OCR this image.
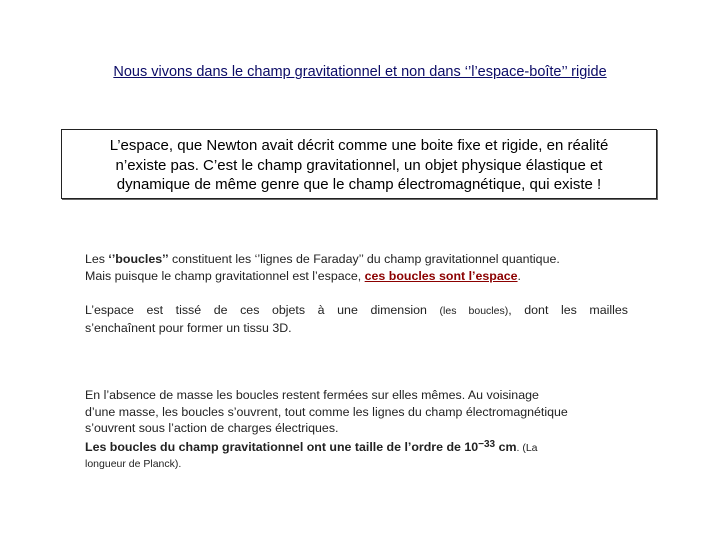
Nous vivons dans le champ gravitationnel et non dans ‘’l’espace-boîte’’ rigide
L’espace, que Newton avait décrit comme une boite fixe et rigide, en réalité
n’existe pas. C’est le champ gravitationnel, un objet physique élastique et
dynamique de même genre que le champ électromagnétique, qui existe !
Les ‘’boucles’’ constituent les ‘’lignes de Faraday’’ du champ gravitationnel quantique.
Mais puisque le champ gravitationnel est l’espace, ces boucles sont l’espace.
L’espace est tissé de ces objets à une dimension (les boucles), dont les mailles
s’enchaînent pour former un tissu 3D.
En l’absence de masse les boucles restent fermées sur elles mêmes. Au voisinage
d’une masse, les boucles s’ouvrent, tout comme les lignes du champ électromagnétique
s’ouvrent sous l’action de charges électriques.
Les boucles du champ gravitationnel ont une taille de l’ordre de $10^{-33}$ cm. (La
longueur de Planck).
